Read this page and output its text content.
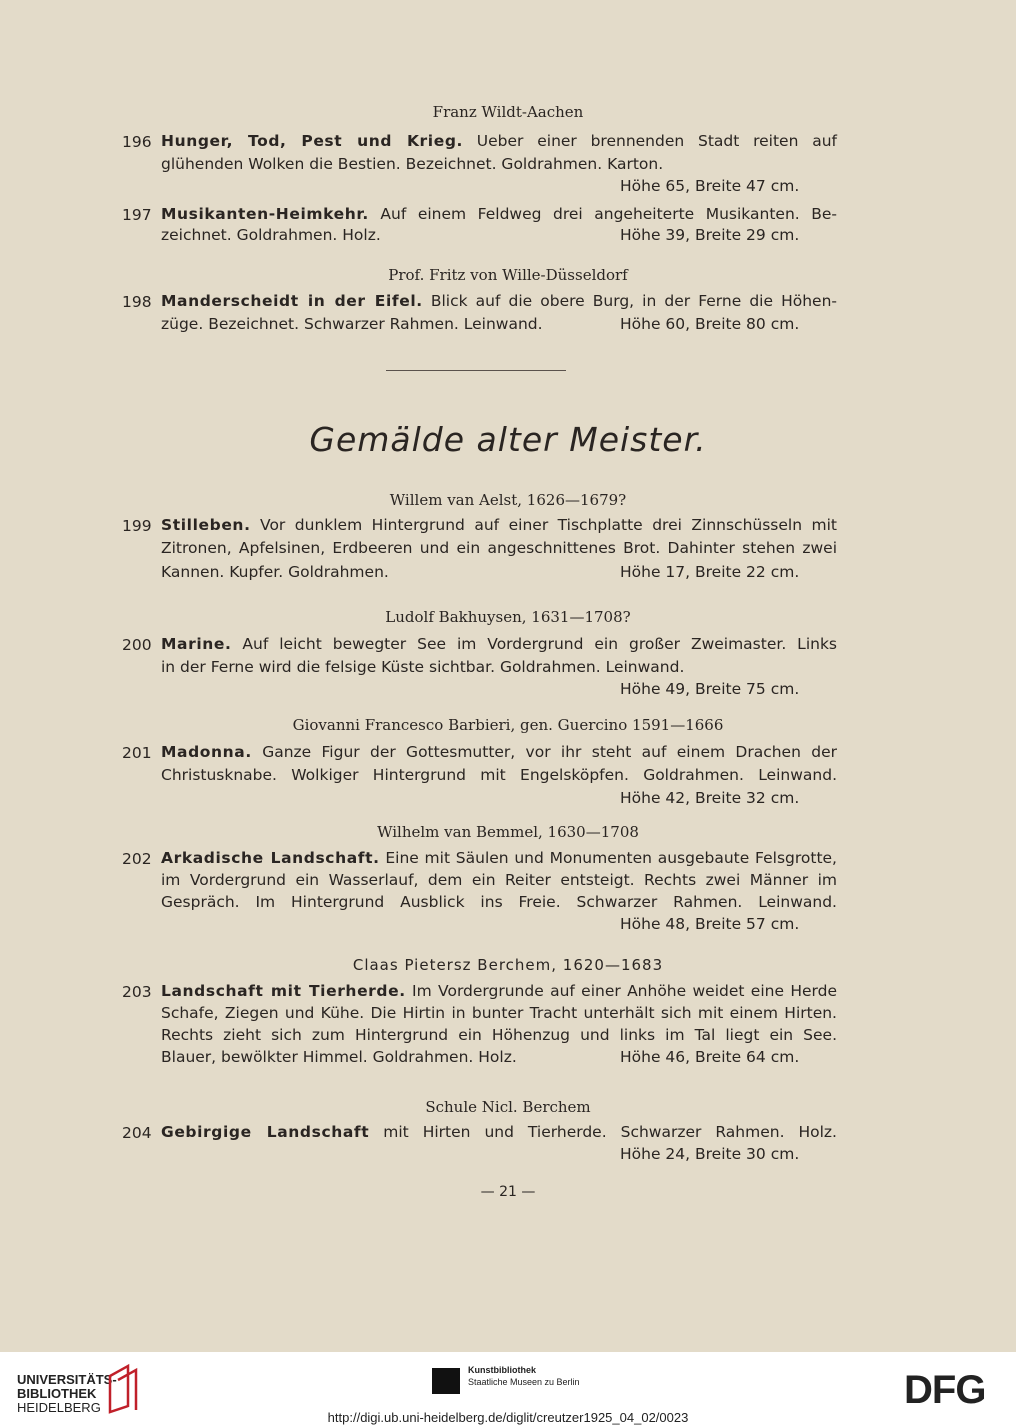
Franz Wildt-Aachen
196 Hunger, Tod, Pest und Krieg. Ueber einer brennenden Stadt reiten auf
glühenden Wolken die Bestien. Bezeichnet. Goldrahmen. Karton.
Höhe 65, Breite 47 cm.
197 Musikanten-Heimkehr. Auf einem Feldweg drei angeheiterte Musikanten. Be-
zeichnet. Goldrahmen. Holz.	Höhe 39, Breite 29 cm.
Prof. Fritz von Wille-Düsseldorf
198 Manderscheidt in der Eifel. Blick auf die obere Burg, in der Ferne die Höhen-
züge. Bezeichnet. Schwarzer Rahmen. Leinwand.	Höhe 60, Breite 80 cm.
Gemälde alter Meister.
Willem van Aelst, 1626—1679?
199 Stilleben. Vor dunklem Hintergrund auf einer Tischplatte drei Zinnschüsseln mit
Zitronen, Apfelsinen, Erdbeeren und ein angeschnittenes Brot. Dahinter stehen zwei
Kannen. Kupfer. Goldrahmen.	Höhe 17, Breite 22 cm.
Ludolf Bakhuysen, 1631—1708?
200 Marine. Auf leicht bewegter See im Vordergrund ein großer Zweimaster. Links
in der Ferne wird die felsige Küste sichtbar. Goldrahmen. Leinwand.
Höhe 49, Breite 75 cm.
Giovanni Francesco Barbieri, gen. Guercino 1591—1666
201 Madonna. Ganze Figur der Gottesmutter, vor ihr steht auf einem Drachen der
Christusknabe. Wolkiger Hintergrund mit Engelsköpfen. Goldrahmen. Leinwand.
Höhe 42, Breite 32 cm.
Wilhelm van Bemmel, 1630—1708
202 Arkadische Landschaft. Eine mit Säulen und Monumenten ausgebaute Felsgrotte,
im Vordergrund ein Wasserlauf, dem ein Reiter entsteigt. Rechts zwei Männer im
Gespräch. Im Hintergrund Ausblick ins Freie. Schwarzer Rahmen. Leinwand.
Höhe 48, Breite 57 cm.
Claas Pietersz Berchem, 1620—1683
203 Landschaft mit Tierherde. Im Vordergrunde auf einer Anhöhe weidet eine Herde
Schafe, Ziegen und Kühe. Die Hirtin in bunter Tracht unterhält sich mit einem Hirten.
Rechts zieht sich zum Hintergrund ein Höhenzug und links im Tal liegt ein See.
Blauer, bewölkter Himmel. Goldrahmen. Holz.	Höhe 46, Breite 64 cm.
Schule Nicl. Berchem
204 Gebirgige Landschaft mit Hirten und Tierherde. Schwarzer Rahmen. Holz.
Höhe 24, Breite 30 cm.
— 21 —
UNIVERSITÄTS-
BIBLIOTHEK
HEIDELBERG
Kunstbibliothek
Staatliche Museen zu Berlin	DFG
http://digi.ub.uni-heidelberg.de/diglit/creutzer1925_04_02/0023
